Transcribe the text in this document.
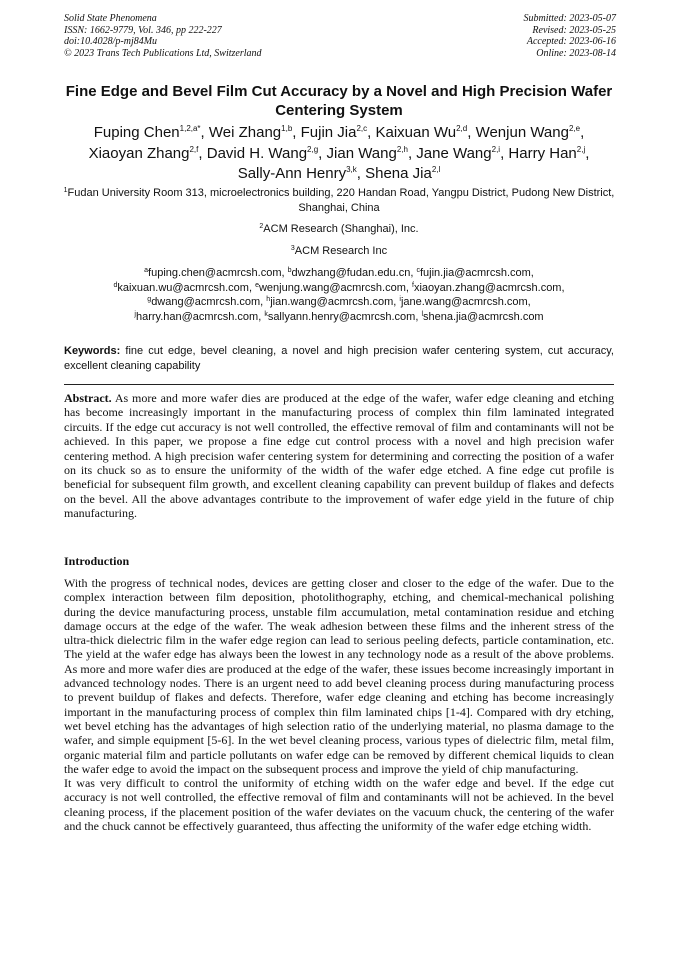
Solid State Phenomena
ISSN: 1662-9779, Vol. 346, pp 222-227
doi:10.4028/p-mj84Mu
© 2023 Trans Tech Publications Ltd, Switzerland
Submitted: 2023-05-07
Revised: 2023-05-25
Accepted: 2023-06-16
Online: 2023-08-14
Fine Edge and Bevel Film Cut Accuracy by a Novel and High Precision Wafer Centering System
Fuping Chen$^{1,2,a*}$, Wei Zhang$^{1,b}$, Fujin Jia$^{2,c}$, Kaixuan Wu$^{2,d}$, Wenjun Wang$^{2,e}$,
Xiaoyan Zhang$^{2,f}$, David H. Wang$^{2,g}$, Jian Wang$^{2,h}$, Jane Wang$^{2,i}$, Harry Han$^{2,j}$,
Sally-Ann Henry$^{3,k}$, Shena Jia$^{2,l}$
$^1$Fudan University Room 313, microelectronics building, 220 Handan Road, Yangpu District, Pudong New District, Shanghai, China
$^2$ACM Research (Shanghai), Inc.
$^3$ACM Research Inc
$^a$fuping.chen@acmrcsh.com, $^b$dwzhang@fudan.edu.cn, $^c$fujin.jia@acmrcsh.com,
$^d$kaixuan.wu@acmrcsh.com, $^e$wenjung.wang@acmrcsh.com, $^f$xiaoyan.zhang@acmrcsh.com,
$^g$dwang@acmrcsh.com, $^h$jian.wang@acmrcsh.com, $^i$jane.wang@acmrcsh.com,
$^j$harry.han@acmrcsh.com, $^k$sallyann.henry@acmrcsh.com, $^l$shena.jia@acmrcsh.com
Keywords: fine cut edge, bevel cleaning, a novel and high precision wafer centering system, cut accuracy, excellent cleaning capability
Abstract. As more and more wafer dies are produced at the edge of the wafer, wafer edge cleaning and etching has become increasingly important in the manufacturing process of complex thin film laminated integrated circuits. If the edge cut accuracy is not well controlled, the effective removal of film and contaminants will not be achieved. In this paper, we propose a fine edge cut control process with a novel and high precision wafer centering method. A high precision wafer centering system for determining and correcting the position of a wafer on its chuck so as to ensure the uniformity of the width of the wafer edge etched. A fine edge cut profile is beneficial for subsequent film growth, and excellent cleaning capability can prevent buildup of flakes and defects on the bevel. All the above advantages contribute to the improvement of wafer edge yield in the future of chip manufacturing.
Introduction

With the progress of technical nodes, devices are getting closer and closer to the edge of the wafer. Due to the complex interaction between film deposition, photolithography, etching, and chemical-mechanical polishing during the device manufacturing process, unstable film accumulation, metal contamination residue and etching damage occurs at the edge of the wafer. The weak adhesion between these films and the inherent stress of the ultra-thick dielectric film in the wafer edge region can lead to serious peeling defects, particle contamination, etc. The yield at the wafer edge has always been the lowest in any technology node as a result of the above problems. As more and more wafer dies are produced at the edge of the wafer, these issues become increasingly important in advanced technology nodes. There is an urgent need to add bevel cleaning process during manufacturing process to prevent buildup of flakes and defects. Therefore, wafer edge cleaning and etching has become increasingly important in the manufacturing process of complex thin film laminated chips [1-4]. Compared with dry etching, wet bevel etching has the advantages of high selection ratio of the underlying material, no plasma damage to the wafer, and simple equipment [5-6]. In the wet bevel cleaning process, various types of dielectric film, metal film, organic material film and particle pollutants on wafer edge can be removed by different chemical liquids to clean the wafer edge to avoid the impact on the subsequent process and improve the yield of chip manufacturing.

It was very difficult to control the uniformity of etching width on the wafer edge and bevel. If the edge cut accuracy is not well controlled, the effective removal of film and contaminants will not be achieved. In the bevel cleaning process, if the placement position of the wafer deviates on the vacuum chuck, the centering of the wafer and the chuck cannot be effectively guaranteed, thus affecting the uniformity of the wafer edge etching width.
